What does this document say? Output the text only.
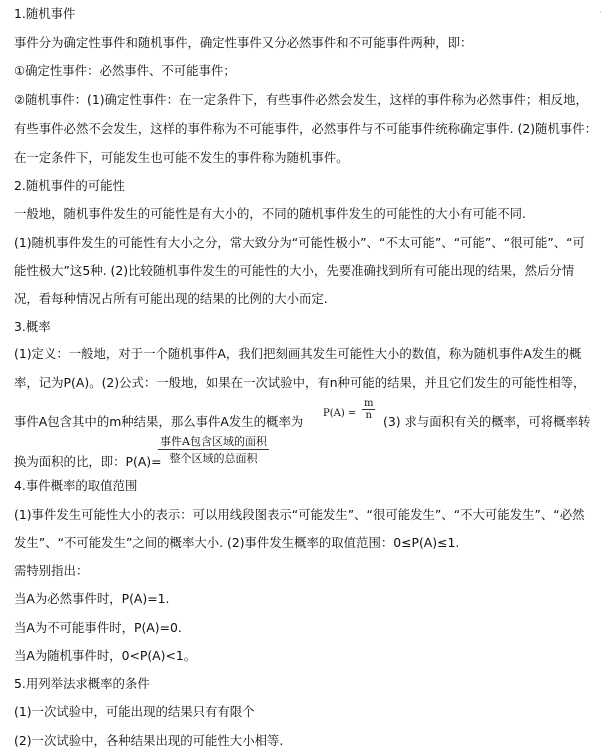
·
1.随机事件
事件分为确定性事件和随机事件，确定性事件又分必然事件和不可能事件两种，即：
①确定性事件：必然事件、不可能事件；
②随机事件：(1)确定性事件：在一定条件下，有些事件必然会发生，这样的事件称为必然事件；相反地，
有些事件必然不会发生，这样的事件称为不可能事件，必然事件与不可能事件统称确定事件. (2)随机事件：
在一定条件下，可能发生也可能不发生的事件称为随机事件。
2.随机事件的可能性
一般地，随机事件发生的可能性是有大小的，不同的随机事件发生的可能性的大小有可能不同.
(1)随机事件发生的可能性有大小之分，常大致分为“可能性极小”、“不太可能”、“可能”、“很可能”、“可
能性极大”这5种. (2)比较随机事件发生的可能性的大小，先要准确找到所有可能出现的结果，然后分情
况，看每种情况占所有可能出现的结果的比例的大小而定.
3.概率
(1)定义：一般地，对于一个随机事件A，我们把刻画其发生可能性大小的数值，称为随机事件A发生的概
率，记为P(A)。(2)公式：一般地，如果在一次试验中，有n种可能的结果，并且它们发生的可能性相等，
事件A包含其中的m种结果，那么事件A发生的概率为
$P(A) = \frac{m}{n}$
(3) 求与面积有关的概率，可将概率转
事件A包含区域的面积
整个区域的总面积
换为面积的比，即：P(A)=
4.事件概率的取值范围
(1)事件发生可能性大小的表示：可以用线段图表示“可能发生”、“很可能发生”、“不大可能发生”、“必然
发生”、“不可能发生”之间的概率大小. (2)事件发生概率的取值范围：0≤P(A)≤1.
需特别指出：
当A为必然事件时，P(A)=1.
当A为不可能事件时，P(A)=0.
当A为随机事件时，0<P(A)<1。
5.用列举法求概率的条件
(1)一次试验中，可能出现的结果只有有限个
(2)一次试验中，各种结果出现的可能性大小相等.
